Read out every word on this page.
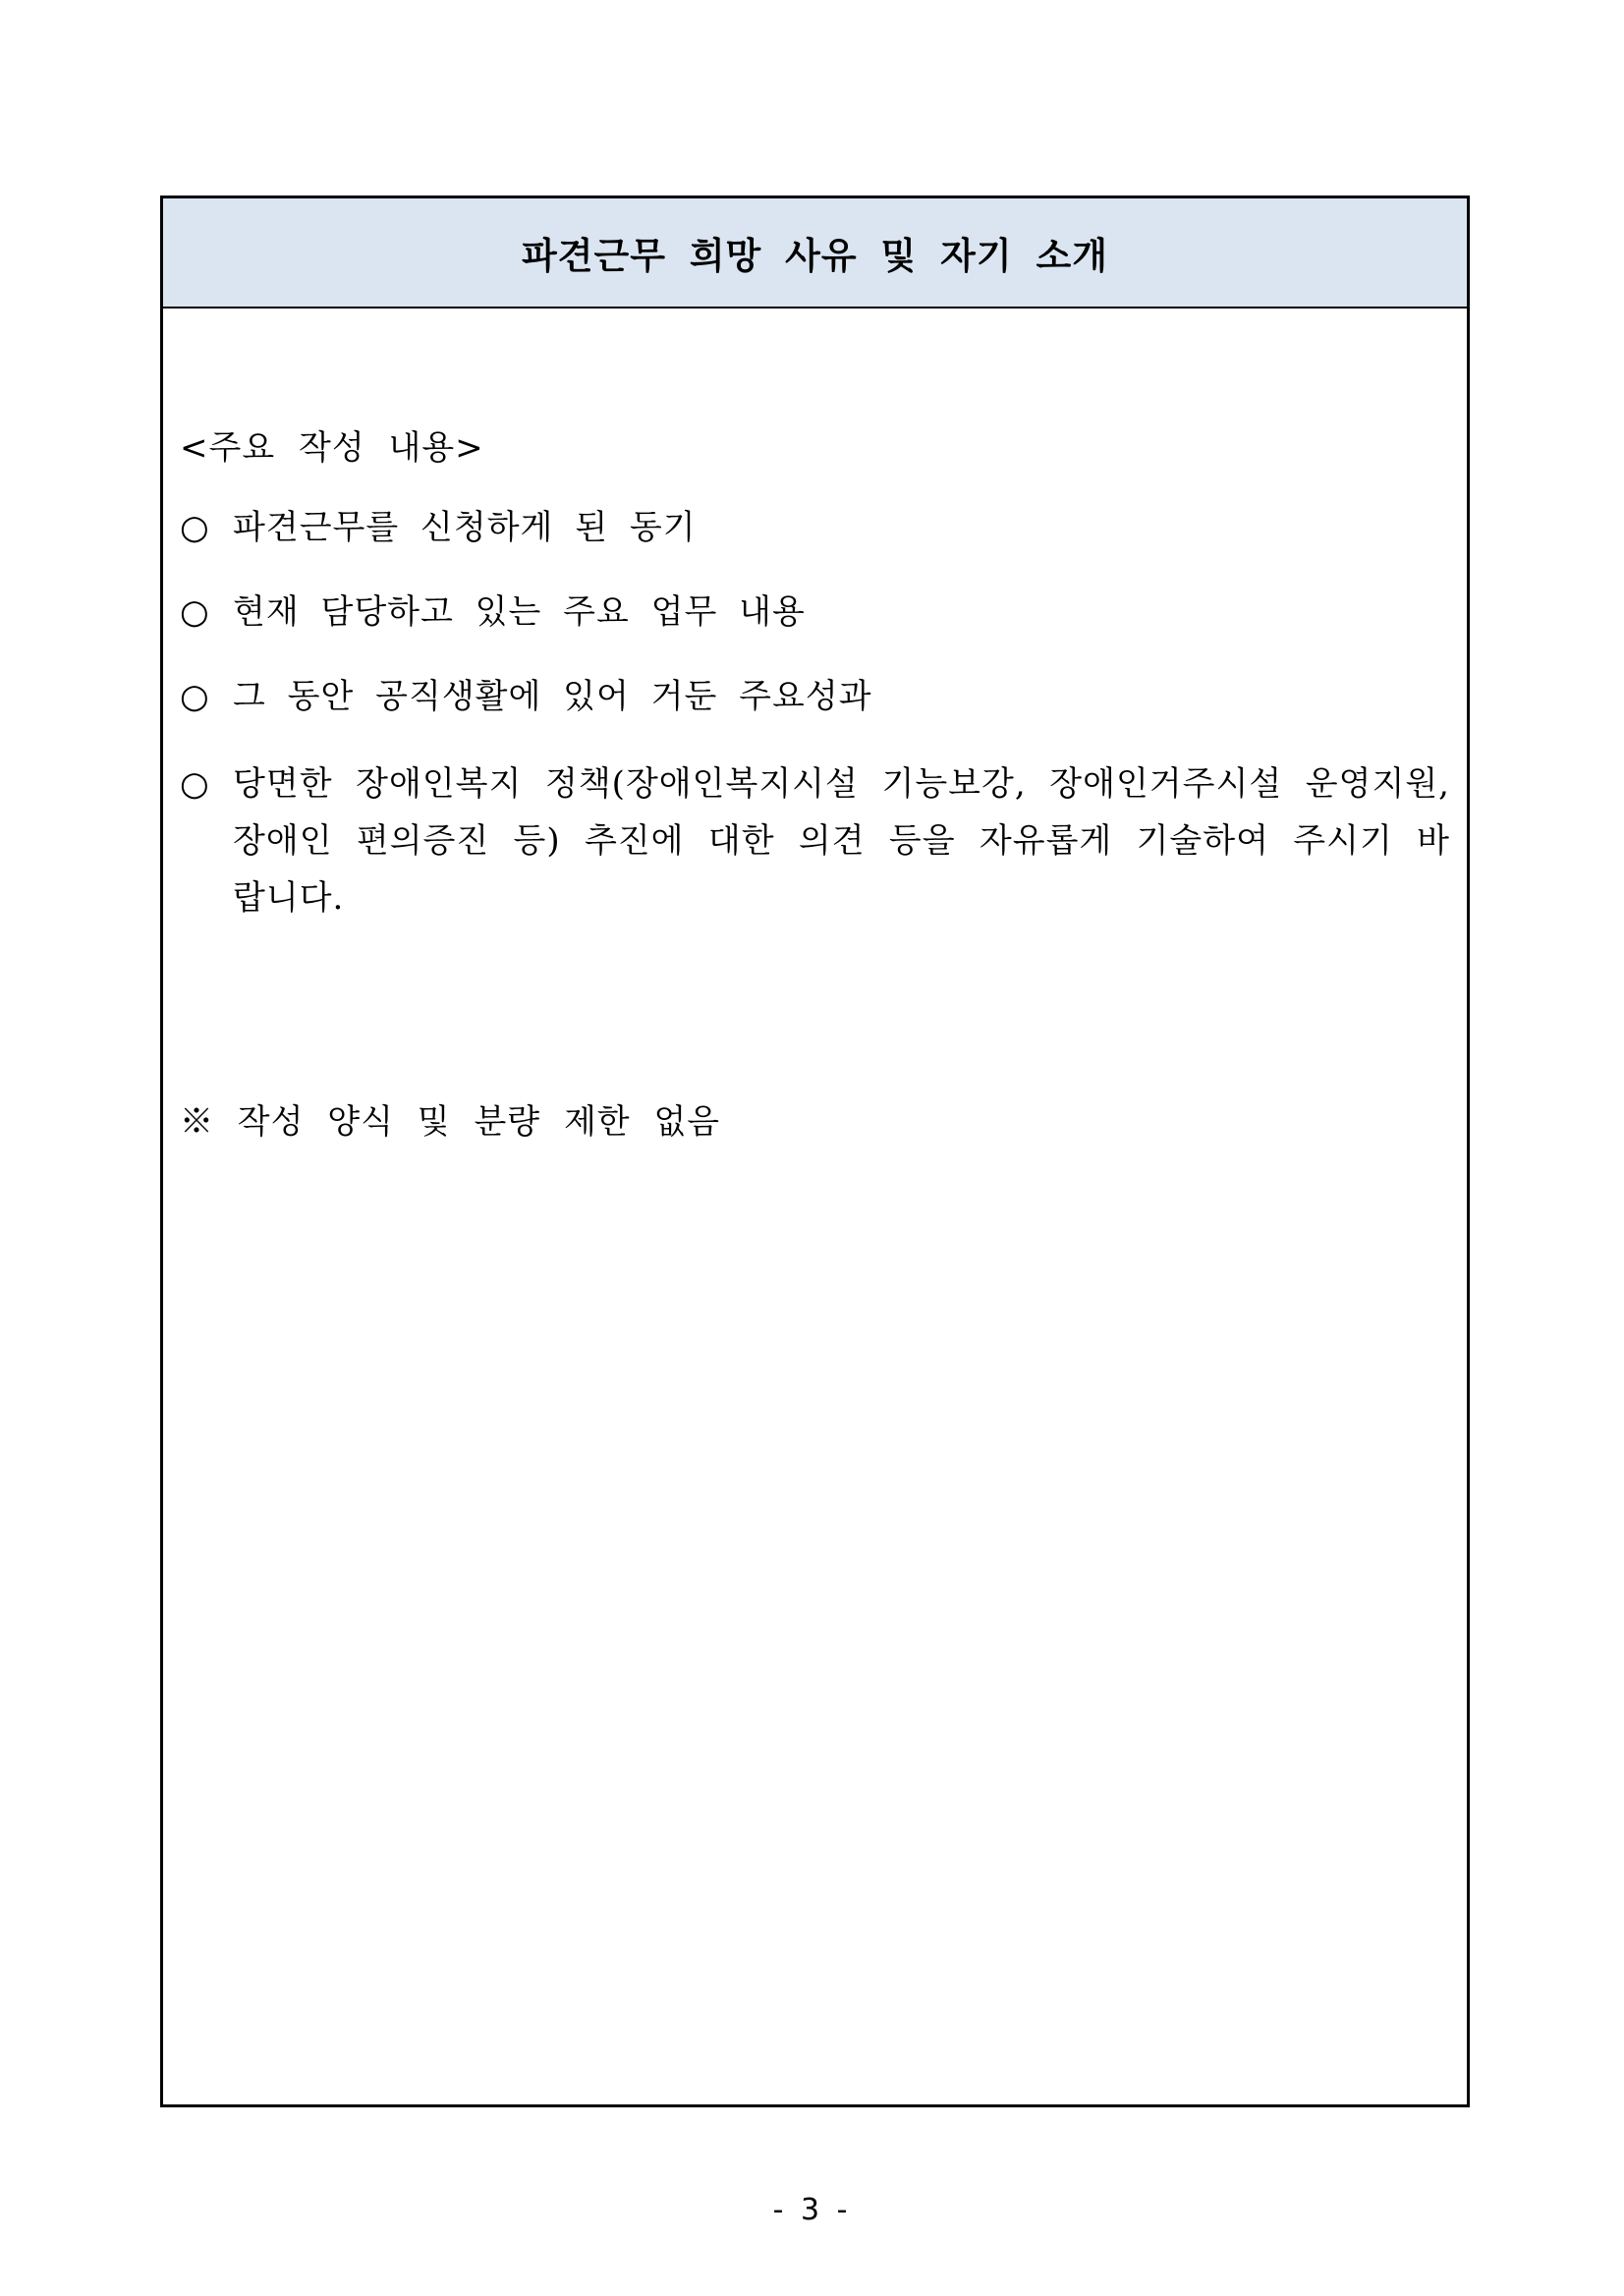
파견근무 희망 사유 및 자기 소개
<주요 작성 내용>
○ 파견근무를 신청하게 된 동기
○ 현재 담당하고 있는 주요 업무 내용
○ 그 동안 공직생활에 있어 거둔 주요성과
○ 당면한 장애인복지 정책(장애인복지시설 기능보강, 장애인거주시설 운영지원, 장애인 편의증진 등) 추진에 대한 의견 등을 자유롭게 기술하여 주시기 바랍니다.
※ 작성 양식 및 분량 제한 없음
- 3 -
